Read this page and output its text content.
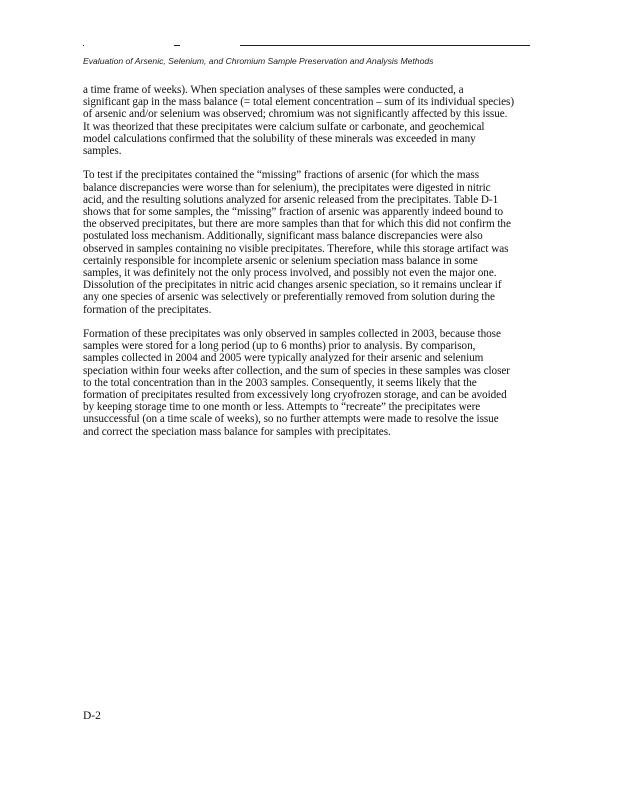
Evaluation of Arsenic, Selenium, and Chromium Sample Preservation and Analysis Methods

a time frame of weeks). When speciation analyses of these samples were conducted, a
significant gap in the mass balance (= total element concentration – sum of its individual species)
of arsenic and/or selenium was observed; chromium was not significantly affected by this issue.
It was theorized that these precipitates were calcium sulfate or carbonate, and geochemical
model calculations confirmed that the solubility of these minerals was exceeded in many
samples.

To test if the precipitates contained the “missing” fractions of arsenic (for which the mass
balance discrepancies were worse than for selenium), the precipitates were digested in nitric
acid, and the resulting solutions analyzed for arsenic released from the precipitates. Table D-1
shows that for some samples, the “missing” fraction of arsenic was apparently indeed bound to
the observed precipitates, but there are more samples than that for which this did not confirm the
postulated loss mechanism. Additionally, significant mass balance discrepancies were also
observed in samples containing no visible precipitates. Therefore, while this storage artifact was
certainly responsible for incomplete arsenic or selenium speciation mass balance in some
samples, it was definitely not the only process involved, and possibly not even the major one.
Dissolution of the precipitates in nitric acid changes arsenic speciation, so it remains unclear if
any one species of arsenic was selectively or preferentially removed from solution during the
formation of the precipitates.

Formation of these precipitates was only observed in samples collected in 2003, because those
samples were stored for a long period (up to 6 months) prior to analysis. By comparison,
samples collected in 2004 and 2005 were typically analyzed for their arsenic and selenium
speciation within four weeks after collection, and the sum of species in these samples was closer
to the total concentration than in the 2003 samples. Consequently, it seems likely that the
formation of precipitates resulted from excessively long cryofrozen storage, and can be avoided
by keeping storage time to one month or less. Attempts to “recreate” the precipitates were
unsuccessful (on a time scale of weeks), so no further attempts were made to resolve the issue
and correct the speciation mass balance for samples with precipitates.

D-2
